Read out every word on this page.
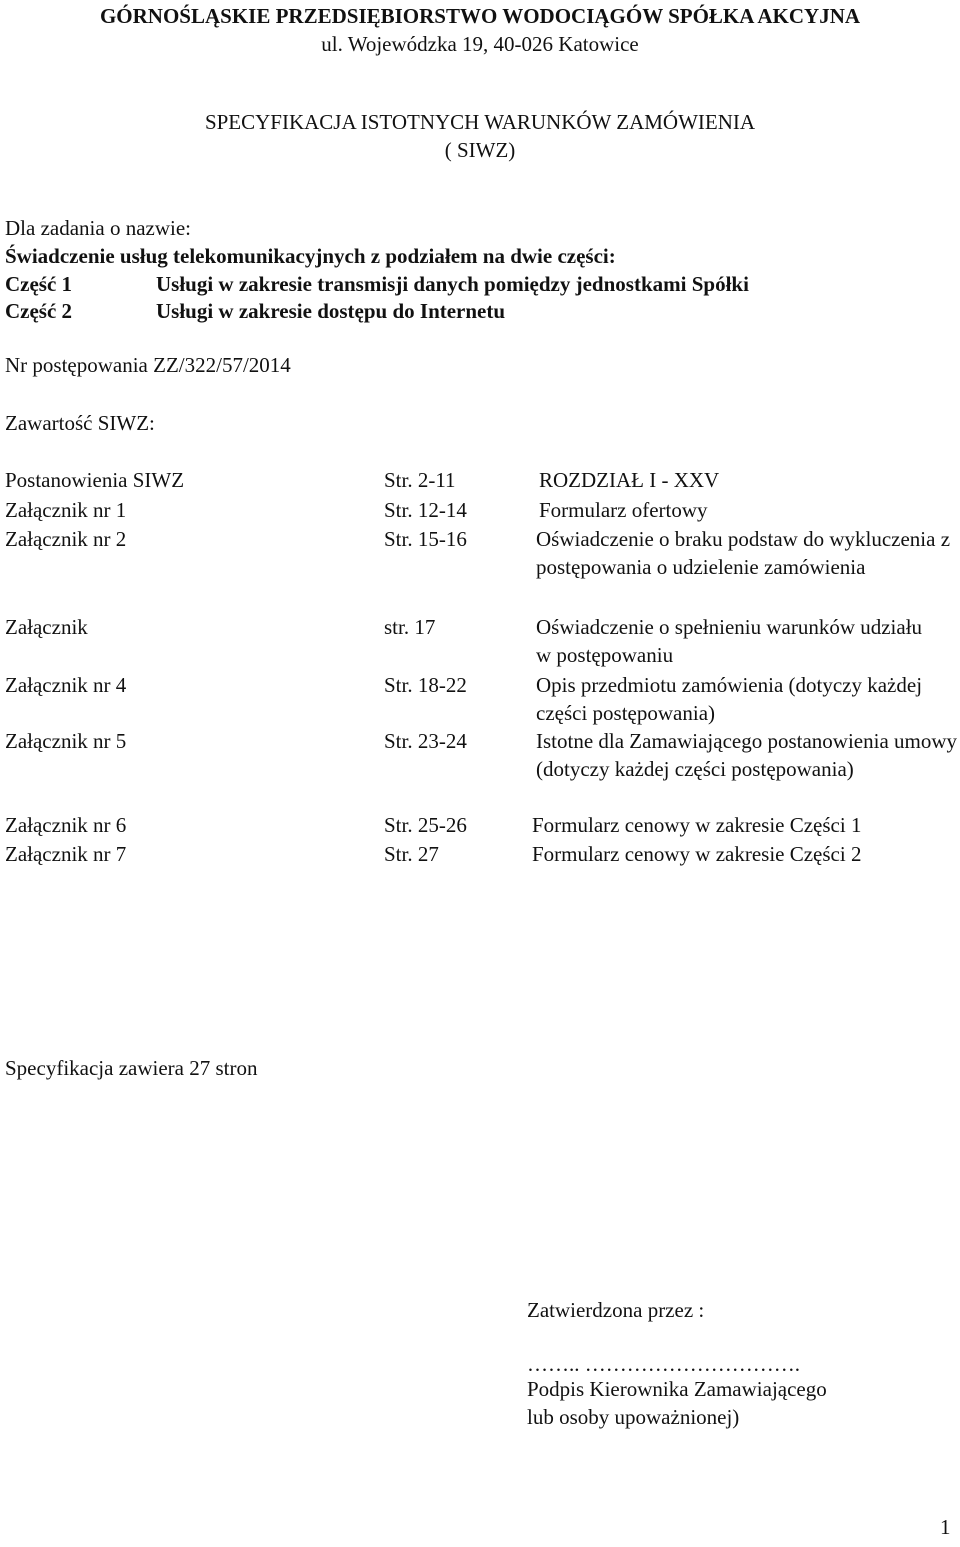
GÓRNOŚLĄSKIE PRZEDSIĘBIORSTWO WODOCIĄGÓW SPÓŁKA AKCYJNA
ul. Wojewódzka 19, 40-026 Katowice
SPECYFIKACJA ISTOTNYCH WARUNKÓW ZAMÓWIENIA
( SIWZ)
Dla zadania o nazwie:
Świadczenie usług telekomunikacyjnych z podziałem na dwie części:
Część 1	Usługi w zakresie transmisji danych pomiędzy jednostkami Spółki
Część 2	Usługi w zakresie dostępu do Internetu
Nr postępowania ZZ/322/57/2014
Zawartość SIWZ:
Postanowienia SIWZ	Str. 2-11	ROZDZIAŁ I - XXV
Załącznik nr 1	Str. 12-14	Formularz ofertowy
Załącznik nr 2	Str. 15-16	Oświadczenie o braku podstaw do wykluczenia z postępowania o udzielenie zamówienia
Załącznik	str. 17	Oświadczenie o spełnieniu warunków udziału w postępowaniu
Załącznik nr 4	Str. 18-22	Opis przedmiotu zamówienia (dotyczy każdej części postępowania)
Załącznik nr 5	Str. 23-24	Istotne dla Zamawiającego postanowienia umowy (dotyczy każdej części postępowania)
Załącznik nr 6	Str. 25-26	Formularz cenowy w zakresie Części 1
Załącznik nr 7	Str. 27	Formularz cenowy w zakresie Części 2
Specyfikacja zawiera 27 stron
Zatwierdzona przez :
…….. ………………………….
Podpis Kierownika Zamawiającego
lub osoby upoważnionej)
1
